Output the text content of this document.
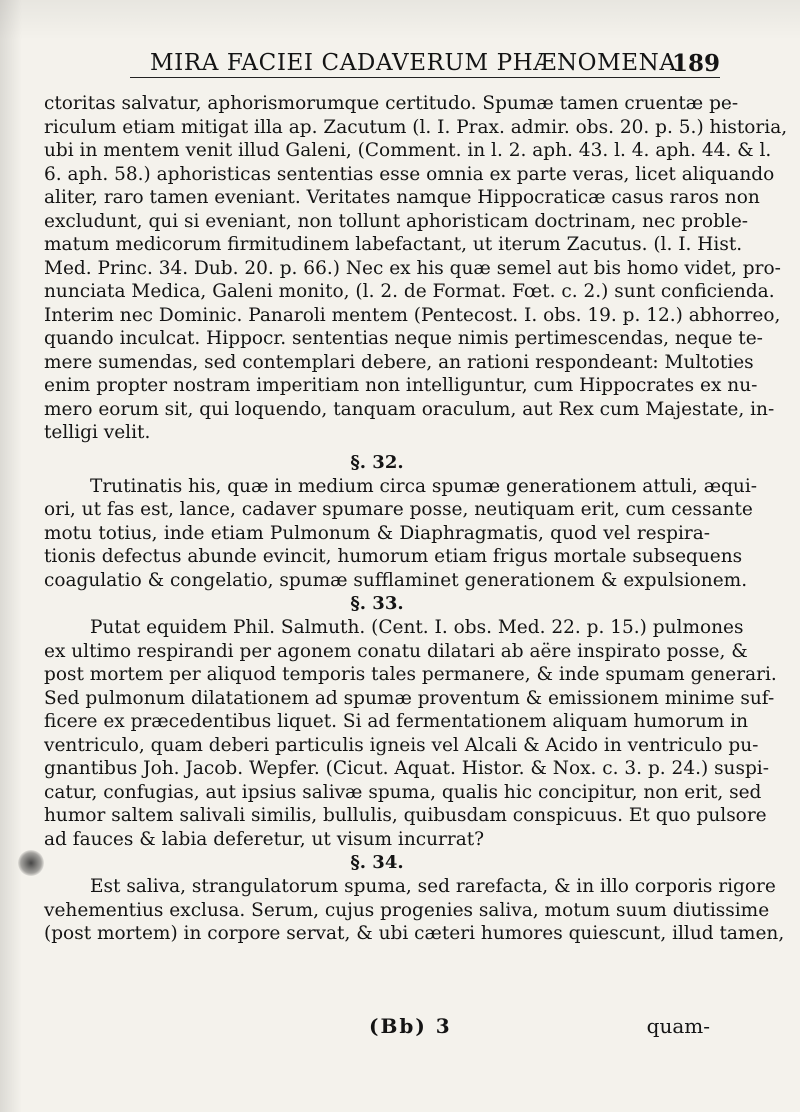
MIRA FACIEI CADAVERUM PHÆNOMENA.
189
ctoritas salvatur, aphorismorumque certitudo. Spumæ tamen cruentæ pe-
riculum etiam mitigat illa ap. Zacutum (l. I. Prax. admir. obs. 20. p. 5.) historia,
ubi in mentem venit illud Galeni, (Comment. in l. 2. aph. 43. l. 4. aph. 44. & l.
6. aph. 58.) aphoristicas sententias esse omnia ex parte veras, licet aliquando
aliter, raro tamen eveniant. Veritates namque Hippocraticæ casus raros non
excludunt, qui si eveniant, non tollunt aphoristicam doctrinam, nec proble-
matum medicorum firmitudinem labefactant, ut iterum Zacutus. (l. I. Hist.
Med. Princ. 34. Dub. 20. p. 66.) Nec ex his quæ semel aut bis homo videt, pro-
nunciata Medica, Galeni monito, (l. 2. de Format. Fœt. c. 2.) sunt conficienda.
Interim nec Dominic. Panaroli mentem (Pentecost. I. obs. 19. p. 12.) abhorreo,
quando inculcat. Hippocr. sententias neque nimis pertimescendas, neque te-
mere sumendas, sed contemplari debere, an rationi respondeant: Multoties
enim propter nostram imperitiam non intelliguntur, cum Hippocrates ex nu-
mero eorum sit, qui loquendo, tanquam oraculum, aut Rex cum Majestate, in-
telligi velit.
§. 32.
Trutinatis his, quæ in medium circa spumæ generationem attuli, æqui-
ori, ut fas est, lance, cadaver spumare posse, neutiquam erit, cum cessante
motu totius, inde etiam Pulmonum & Diaphragmatis, quod vel respira-
tionis defectus abunde evincit, humorum etiam frigus mortale subsequens
coagulatio & congelatio, spumæ sufflaminet generationem & expulsionem.
§. 33.
Putat equidem Phil. Salmuth. (Cent. I. obs. Med. 22. p. 15.) pulmones
ex ultimo respirandi per agonem conatu dilatari ab aëre inspirato posse, &
post mortem per aliquod temporis tales permanere, & inde spumam generari.
Sed pulmonum dilatationem ad spumæ proventum & emissionem minime suf-
ficere ex præcedentibus liquet. Si ad fermentationem aliquam humorum in
ventriculo, quam deberi particulis igneis vel Alcali & Acido in ventriculo pu-
gnantibus Joh. Jacob. Wepfer. (Cicut. Aquat. Histor. & Nox. c. 3. p. 24.) suspi-
catur, confugias, aut ipsius salivæ spuma, qualis hic concipitur, non erit, sed
humor saltem salivali similis, bullulis, quibusdam conspicuus. Et quo pulsore
ad fauces & labia deferetur, ut visum incurrat?
§. 34.
Est saliva, strangulatorum spuma, sed rarefacta, & in illo corporis rigore
vehementius exclusa. Serum, cujus progenies saliva, motum suum diutissime
(post mortem) in corpore servat, & ubi cæteri humores quiescunt, illud tamen,
(Bb) 3	quam-
